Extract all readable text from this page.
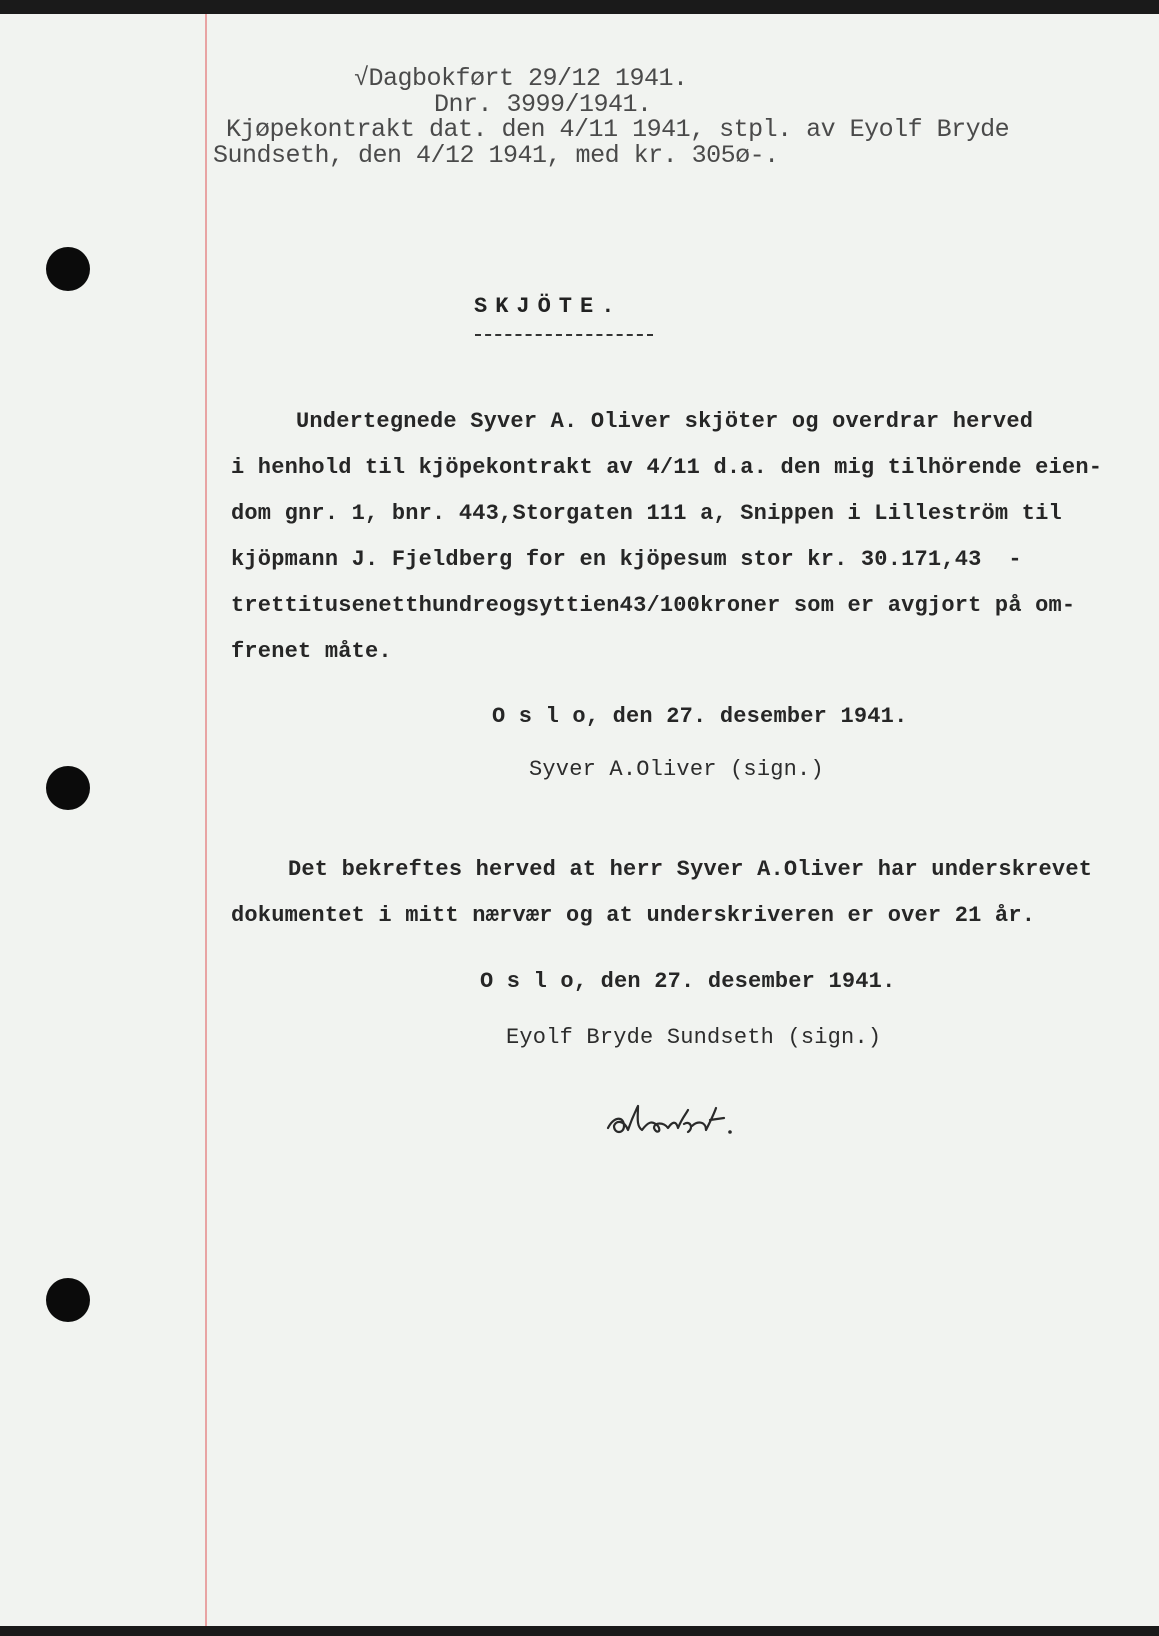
√Dagbokført 29/12 1941.
Dnr. 3999/1941.
Kjøpekontrakt dat. den 4/11 1941, stpl. av Eyolf Bryde
Sundseth, den 4/12 1941, med kr. 305ø-.
SKJÖTE.
Undertegnede Syver A. Oliver skjöter og overdrar herved
i henhold til kjöpekontrakt av 4/11 d.a. den mig tilhörende eien-
dom gnr. 1, bnr. 443,Storgaten 111 a, Snippen i Lilleström til
kjöpmann J. Fjeldberg for en kjöpesum stor kr. 30.171,43  -
trettitusenetthundreogsyttien43/100kroner som er avgjort på om-
frenet måte.
O s l o, den 27. desember 1941.
Syver A.Oliver (sign.)
Det bekreftes herved at herr Syver A.Oliver har underskrevet
dokumentet i mitt nærvær og at underskriveren er over 21 år.
O s l o, den 27. desember 1941.
Eyolf Bryde Sundseth (sign.)
